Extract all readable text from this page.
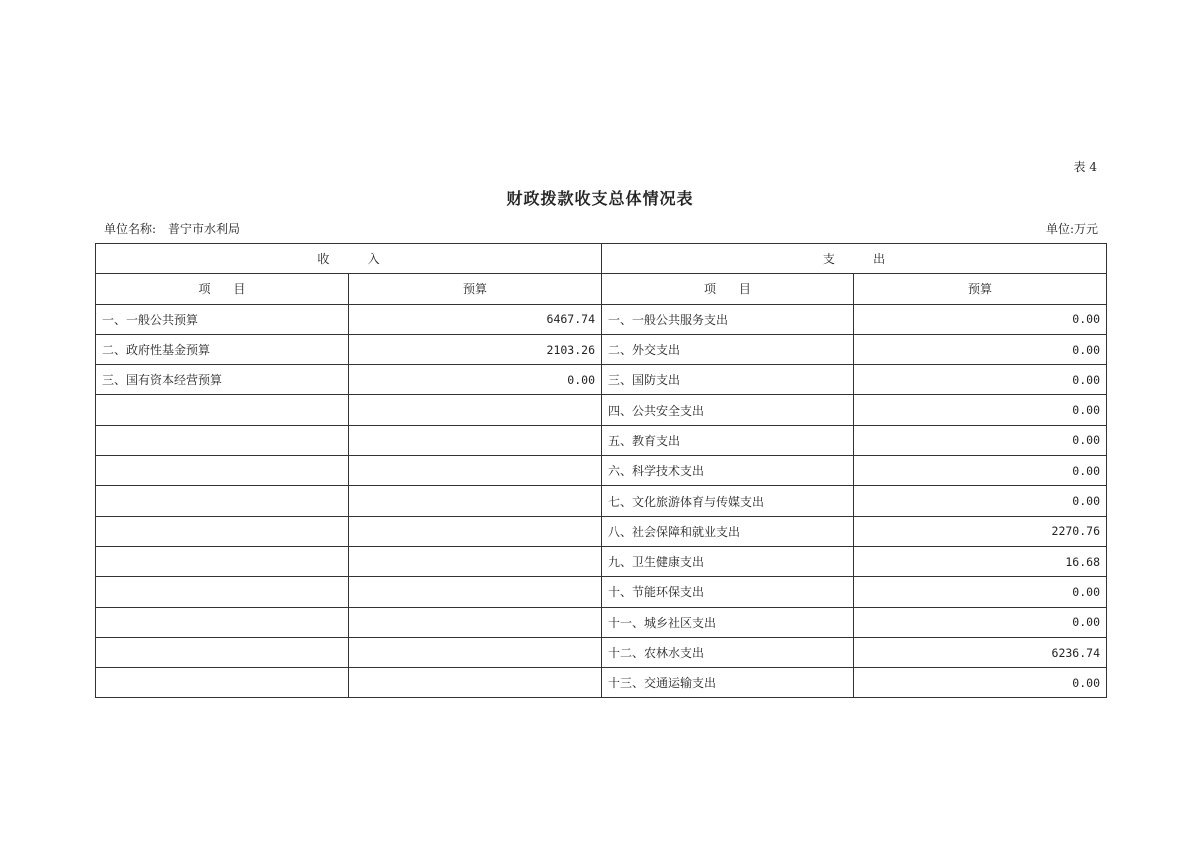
表 4
财政拨款收支总体情况表
单位名称: 普宁市水利局	单位:万元
收          入		支          出	
项      目	预算	项      目	预算
一、一般公共预算	6467.74	一、一般公共服务支出	0.00
二、政府性基金预算	2103.26	二、外交支出	0.00
三、国有资本经营预算	0.00	三、国防支出	0.00
		四、公共安全支出	0.00
		五、教育支出	0.00
		六、科学技术支出	0.00
		七、文化旅游体育与传媒支出	0.00
		八、社会保障和就业支出	2270.76
		九、卫生健康支出	16.68
		十、节能环保支出	0.00
		十一、城乡社区支出	0.00
		十二、农林水支出	6236.74
		十三、交通运输支出	0.00
